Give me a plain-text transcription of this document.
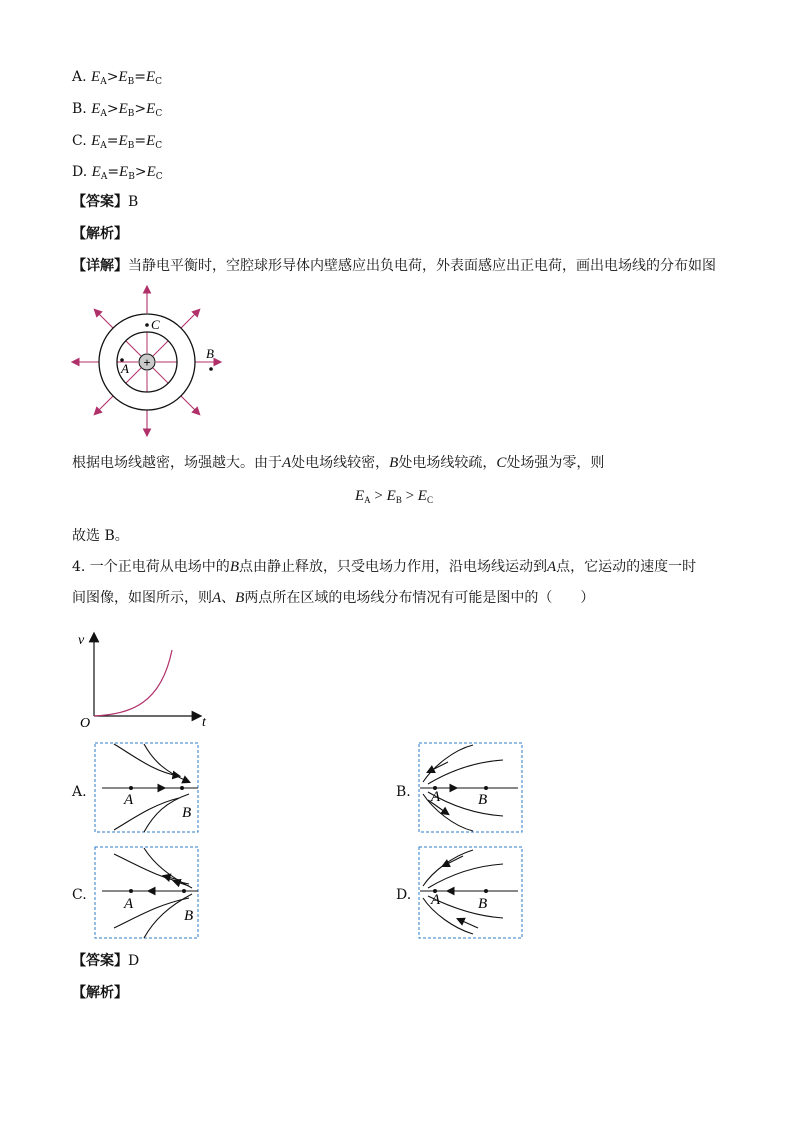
A. $E_A>E_B=E_C$
B. $E_A>E_B>E_C$
C. $E_A=E_B=E_C$
D. $E_A=E_B>E_C$
【答案】B
【解析】
【详解】当静电平衡时，空腔球形导体内壁感应出负电荷，外表面感应出正电荷，画出电场线的分布如图
+
C
A
B
根据电场线越密，场强越大。由于A处电场线较密，B处电场线较疏，C处场强为零，则
$E_A > E_B > E_C$
故选 B。
4. 一个正电荷从电场中的B点由静止释放，只受电场力作用，沿电场线运动到A点，它运动的速度一时
间图像，如图所示，则A、B两点所在区域的电场线分布情况有可能是图中的（　　）
v
t
O
A. A
B
B. A	B
C.
A
B
D. A	B
【答案】D
【解析】
